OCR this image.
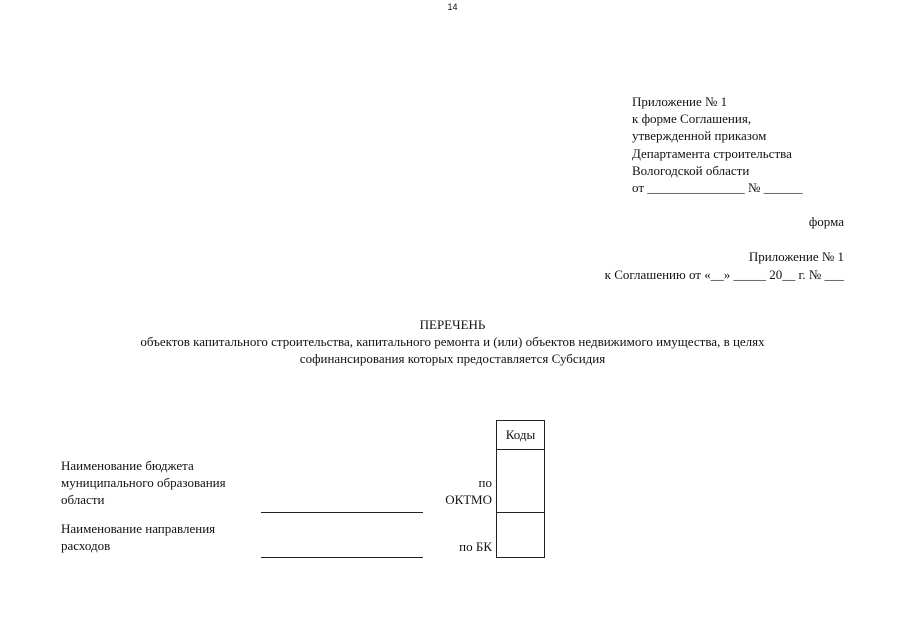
14
Приложение № 1
к форме Соглашения,
утвержденной приказом
Департамента строительства
Вологодской области
от _______________ № ______
форма
Приложение № 1
к Соглашению от «__» _____ 20__ г. № ___
ПЕРЕЧЕНЬ
объектов капитального строительства, капитального ремонта и (или) объектов недвижимого имущества, в целях
софинансирования которых предоставляется Субсидия
Наименование бюджета
муниципального образования
области
по
ОКТМО
Наименование направления
расходов	по БК
Коды
